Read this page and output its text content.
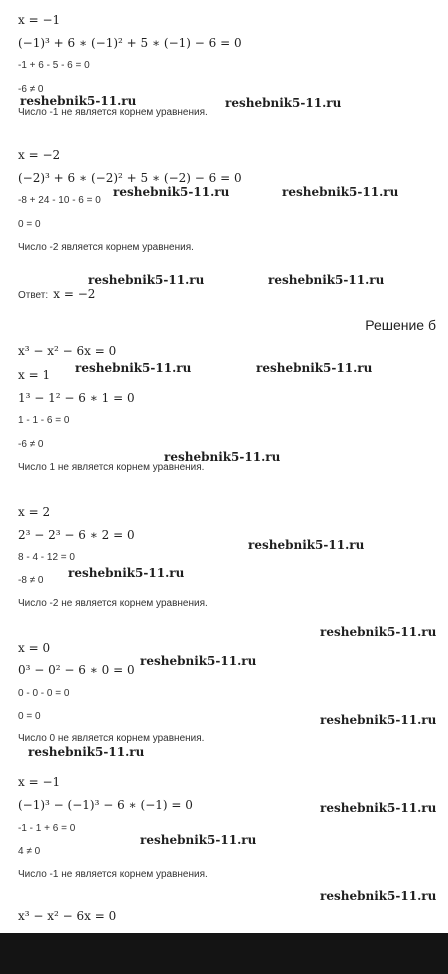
x = −1
(−1)³ + 6 ∗ (−1)² + 5 ∗ (−1) − 6 = 0
-1 + 6 - 5 - 6 = 0
-6 ≠ 0
Число -1 не является корнем уравнения.
x = −2
(−2)³ + 6 ∗ (−2)² + 5 ∗ (−2) − 6 = 0
-8 + 24 - 10 - 6 = 0
0 = 0
Число -2 является корнем уравнения.
Ответ: x = −2
Решение б
x³ − x² − 6x = 0
x = 1
1³ − 1² − 6 ∗ 1 = 0
1 - 1 - 6 = 0
-6 ≠ 0
Число 1 не является корнем уравнения.
x = 2
2³ − 2³ − 6 ∗ 2 = 0
8 - 4 - 12 = 0
-8 ≠ 0
Число -2 не является корнем уравнения.
x = 0
0³ − 0² − 6 ∗ 0 = 0
0 - 0 - 0 = 0
0 = 0
Число 0 не является корнем уравнения.
x = −1
(−1)³ − (−1)³ − 6 ∗ (−1) = 0
-1 - 1 + 6 = 0
4 ≠ 0
Число -1 не является корнем уравнения.
x³ − x² − 6x = 0
reshebnik5-11.ru	reshebnik5-11.ru
reshebnik5-11.ru	reshebnik5-11.ru
reshebnik5-11.ru	reshebnik5-11.ru
reshebnik5-11.ru	reshebnik5-11.ru
reshebnik5-11.ru
reshebnik5-11.ru
reshebnik5-11.ru
reshebnik5-11.ru
reshebnik5-11.ru
reshebnik5-11.ru
reshebnik5-11.ru
reshebnik5-11.ru
reshebnik5-11.ru
reshebnik5-11.ru
